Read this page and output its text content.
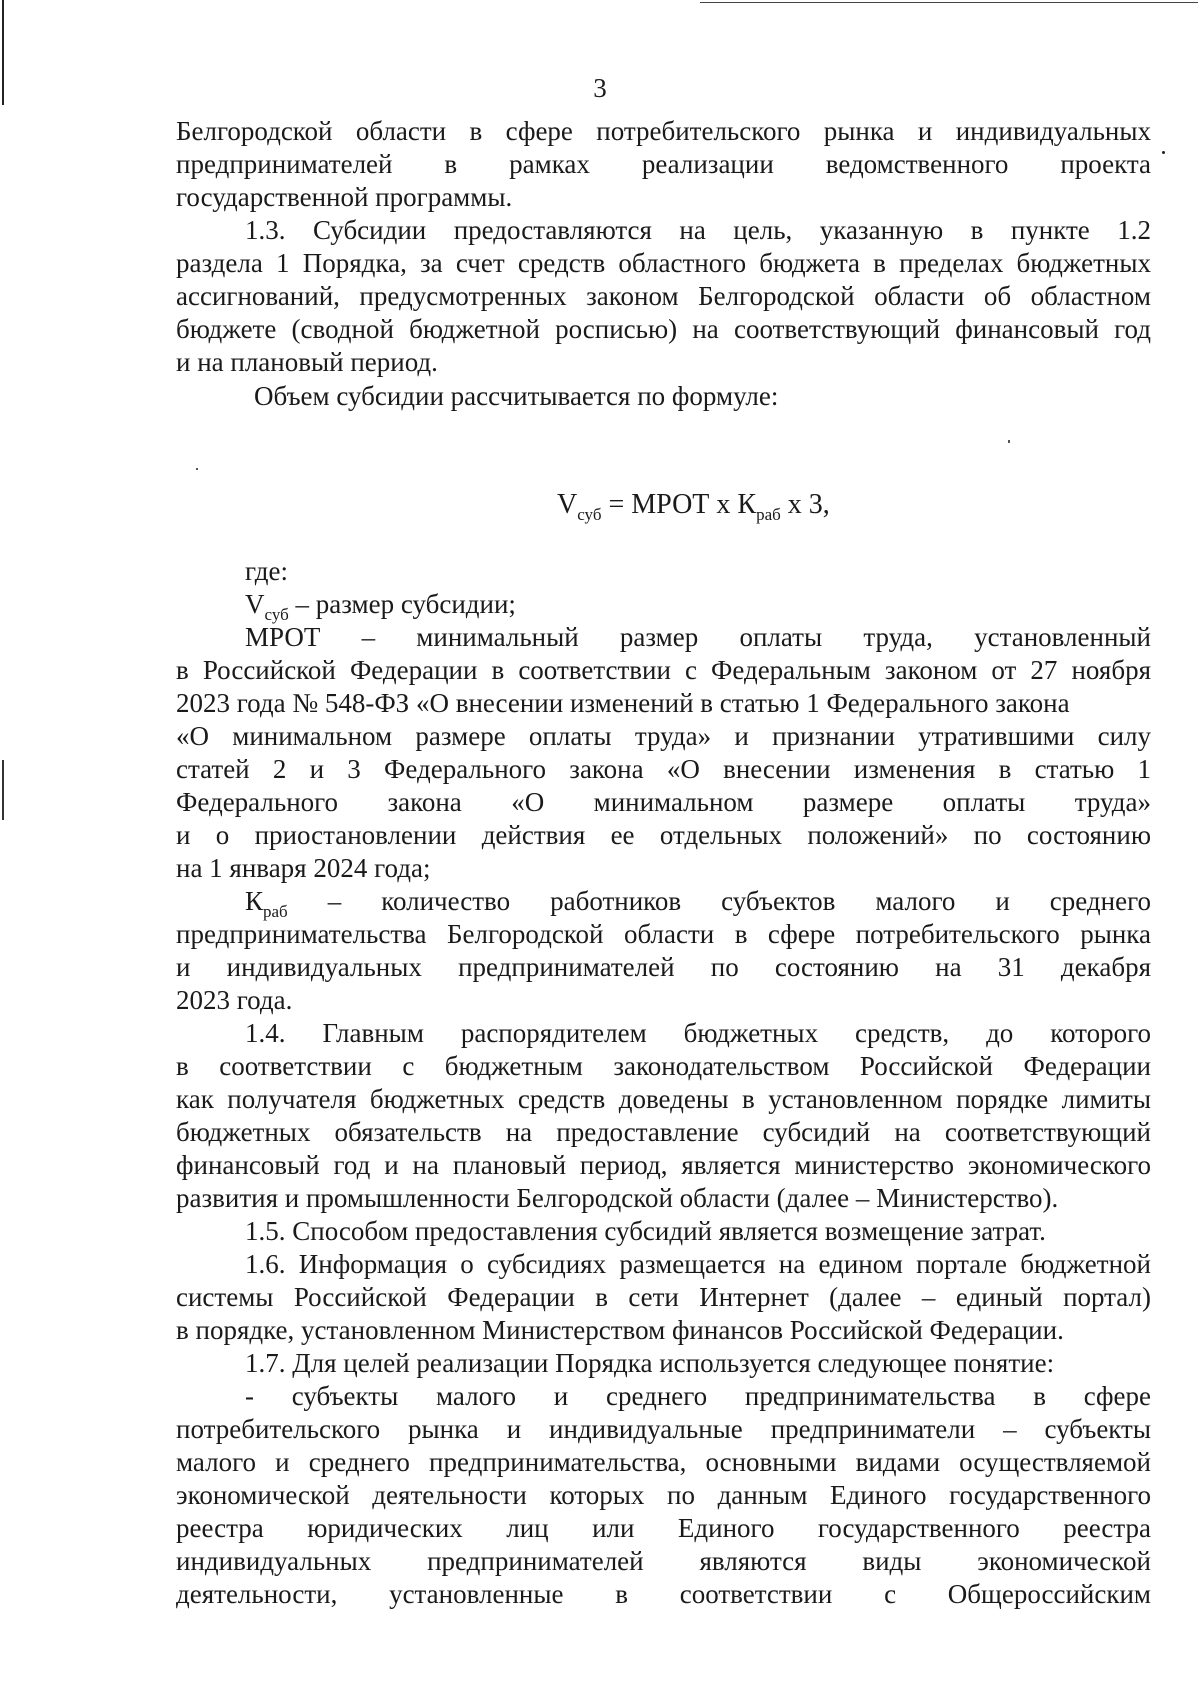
3
Белгородской области в сфере потребительского рынка и индивидуальных
предпринимателей в рамках реализации ведомственного проекта
государственной программы.
1.3. Субсидии предоставляются на цель, указанную в пункте 1.2
раздела 1 Порядка, за счет средств областного бюджета в пределах бюджетных
ассигнований, предусмотренных законом Белгородской области об областном
бюджете (сводной бюджетной росписью) на соответствующий финансовый год
и на плановый период.
Объем субсидии рассчитывается по формуле:
$V_{суб}$ = МРОТ x $К_{раб}$ x 3,
где:
$V_{суб}$ – размер субсидии;
МРОТ – минимальный размер оплаты труда, установленный
в Российской Федерации в соответствии с Федеральным законом от 27 ноября
2023 года № 548-ФЗ «О внесении изменений в статью 1 Федерального закона
«О минимальном размере оплаты труда» и признании утратившими силу
статей 2 и 3 Федерального закона «О внесении изменения в статью 1
Федерального закона «О минимальном размере оплаты труда»
и о приостановлении действия ее отдельных положений» по состоянию
на 1 января 2024 года;
$К_{раб}$ – количество работников субъектов малого и среднего
предпринимательства Белгородской области в сфере потребительского рынка
и индивидуальных предпринимателей по состоянию на 31 декабря
2023 года.
1.4. Главным распорядителем бюджетных средств, до которого
в соответствии с бюджетным законодательством Российской Федерации
как получателя бюджетных средств доведены в установленном порядке лимиты
бюджетных обязательств на предоставление субсидий на соответствующий
финансовый год и на плановый период, является министерство экономического
развития и промышленности Белгородской области (далее – Министерство).
1.5. Способом предоставления субсидий является возмещение затрат.
1.6. Информация о субсидиях размещается на едином портале бюджетной
системы Российской Федерации в сети Интернет (далее – единый портал)
в порядке, установленном Министерством финансов Российской Федерации.
1.7. Для целей реализации Порядка используется следующее понятие:
- субъекты малого и среднего предпринимательства в сфере
потребительского рынка и индивидуальные предприниматели – субъекты
малого и среднего предпринимательства, основными видами осуществляемой
экономической деятельности которых по данным Единого государственного
реестра юридических лиц или Единого государственного реестра
индивидуальных предпринимателей являются виды экономической
деятельности, установленные в соответствии с Общероссийским
